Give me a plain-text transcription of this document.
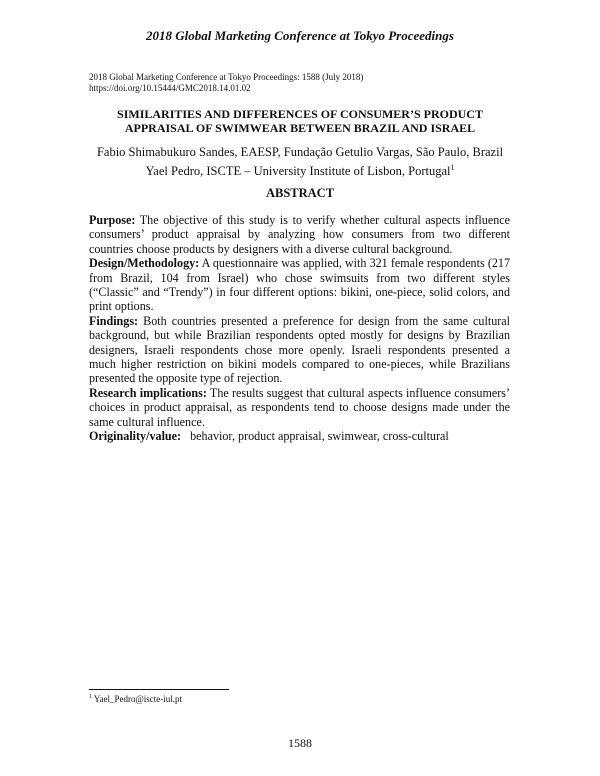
2018 Global Marketing Conference at Tokyo Proceedings
2018 Global Marketing Conference at Tokyo Proceedings: 1588 (July 2018)
https://doi.org/10.15444/GMC2018.14.01.02
SIMILARITIES AND DIFFERENCES OF CONSUMER’S PRODUCT
APPRAISAL OF SWIMWEAR BETWEEN BRAZIL AND ISRAEL
Fabio Shimabukuro Sandes, EAESP, Fundação Getulio Vargas, São Paulo, Brazil
Yael Pedro, ISCTE – University Institute of Lisbon, Portugal$^1$
ABSTRACT

Purpose: The objective of this study is to verify whether cultural aspects influence consumers’ product appraisal by analyzing how consumers from two different countries choose products by designers with a diverse cultural background.

Design/Methodology: A questionnaire was applied, with 321 female respondents (217 from Brazil, 104 from Israel) who chose swimsuits from two different styles (“Classic” and “Trendy”) in four different options: bikini, one-piece, solid colors, and print options.

Findings: Both countries presented a preference for design from the same cultural background, but while Brazilian respondents opted mostly for designs by Brazilian designers, Israeli respondents chose more openly. Israeli respondents presented a much higher restriction on bikini models compared to one-pieces, while Brazilians presented the opposite type of rejection.

Research implications: The results suggest that cultural aspects influence consumers’ choices in product appraisal, as respondents tend to choose designs made under the same cultural influence.

Originality/value:   behavior, product appraisal, swimwear, cross-cultural

$^1$ Yael_Pedro@iscte-iul.pt
1588
